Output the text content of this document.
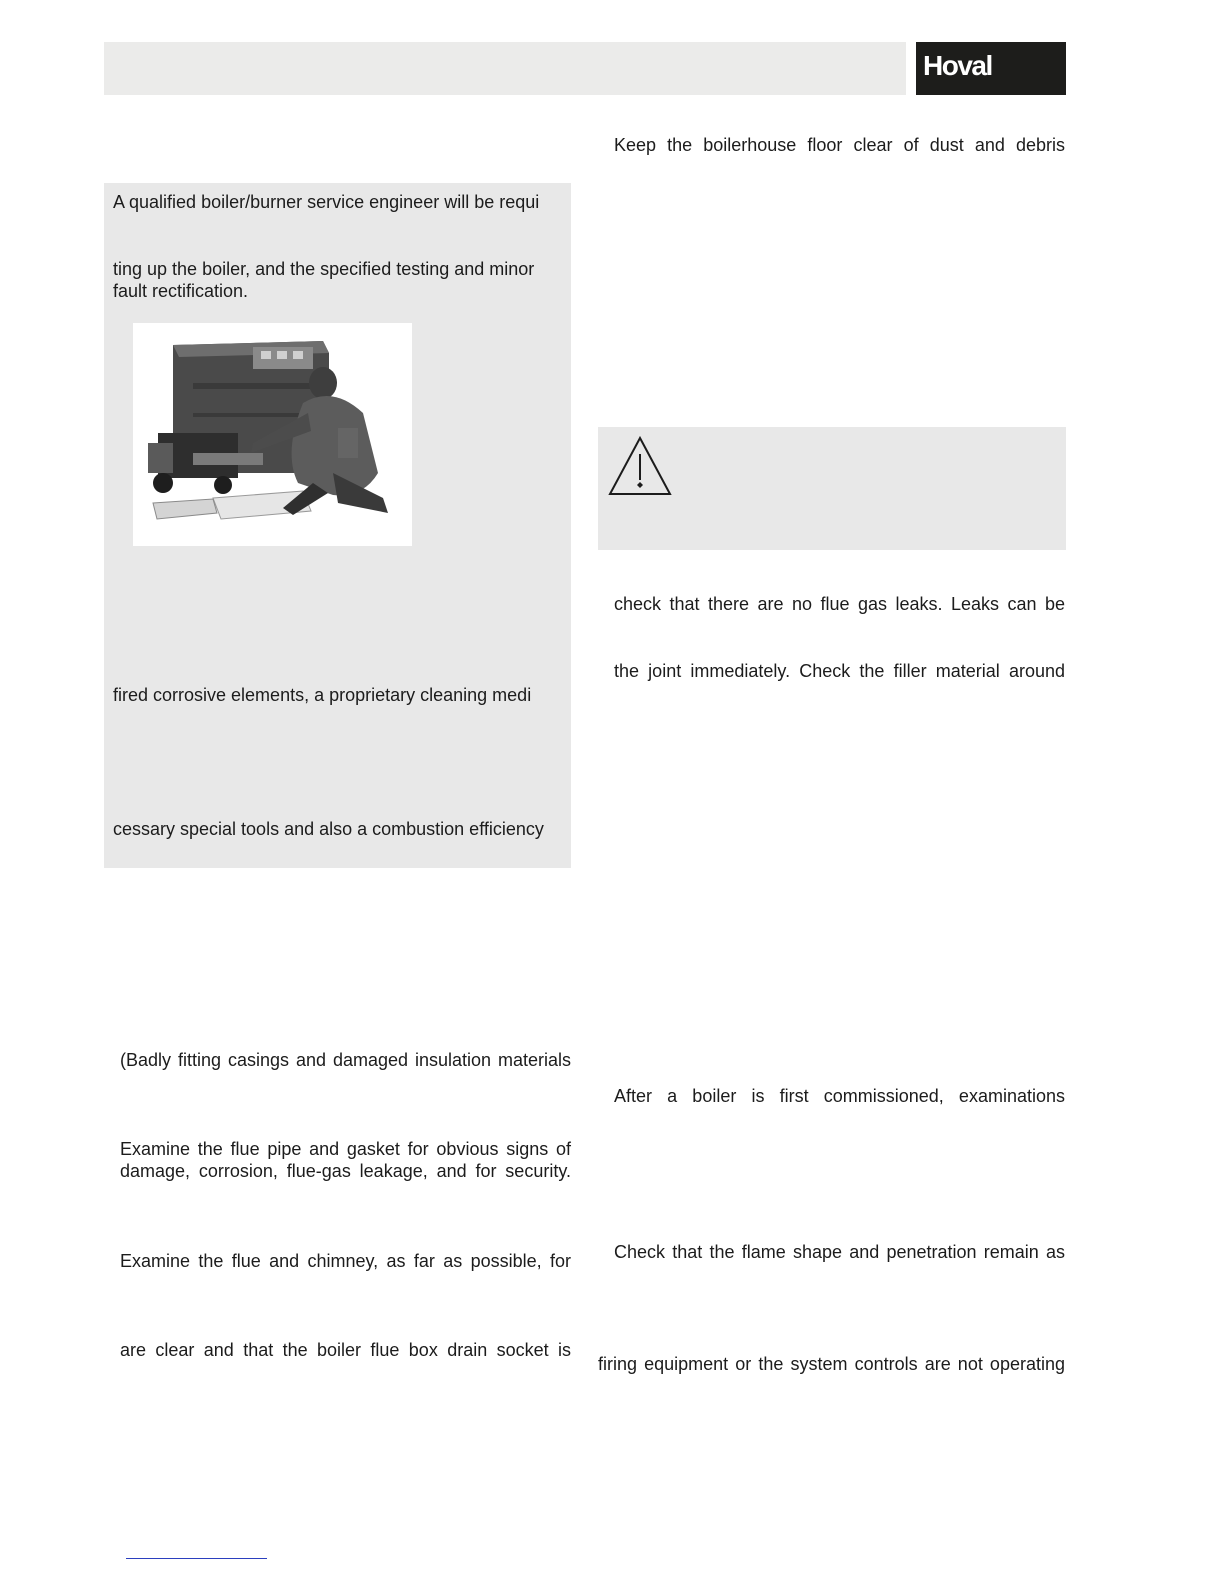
Hoval
A qualified boiler/burner service engineer will be requi
ting up the boiler, and the specified testing and minor
fault rectification.
fired corrosive elements, a proprietary cleaning medi
cessary special tools and also a combustion efficiency
(Badly fitting casings and damaged insulation materials
Examine the flue pipe and gasket for obvious signs of
damage, corrosion, flue-gas leakage, and for security.
Examine the flue and chimney, as far as possible, for
are clear and that the boiler flue box drain socket is
Keep the boilerhouse floor clear of dust and debris
check that there are no flue gas leaks. Leaks can be
the joint immediately. Check the filler material around
After a boiler is first commissioned, examinations
Check that the flame shape and penetration remain as
firing equipment or the system controls are not operating
